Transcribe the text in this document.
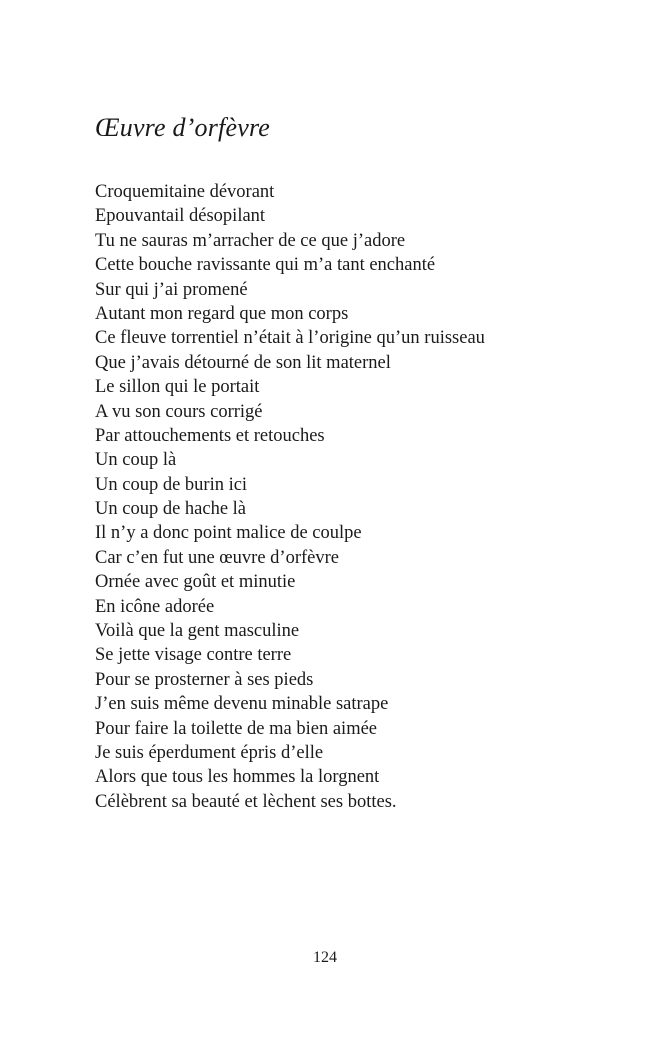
Œuvre d’orfèvre
Croquemitaine dévorant
Epouvantail désopilant
Tu ne sauras m’arracher de ce que j’adore
Cette bouche ravissante qui m’a tant enchanté
Sur qui j’ai promené
Autant mon regard que mon corps
Ce fleuve torrentiel n’était à l’origine qu’un ruisseau
Que j’avais détourné de son lit maternel
Le sillon qui le portait
A vu son cours corrigé
Par attouchements et retouches
Un coup là
Un coup de burin ici
Un coup de hache là
Il n’y a donc point malice de coulpe
Car c’en fut une œuvre d’orfèvre
Ornée avec goût et minutie
En icône adorée
Voilà que la gent masculine
Se jette visage contre terre
Pour se prosterner à ses pieds
J’en suis même devenu minable satrape
Pour faire la toilette de ma bien aimée
Je suis éperdument épris d’elle
Alors que tous les hommes la lorgnent
Célèbrent sa beauté et lèchent ses bottes.
124
